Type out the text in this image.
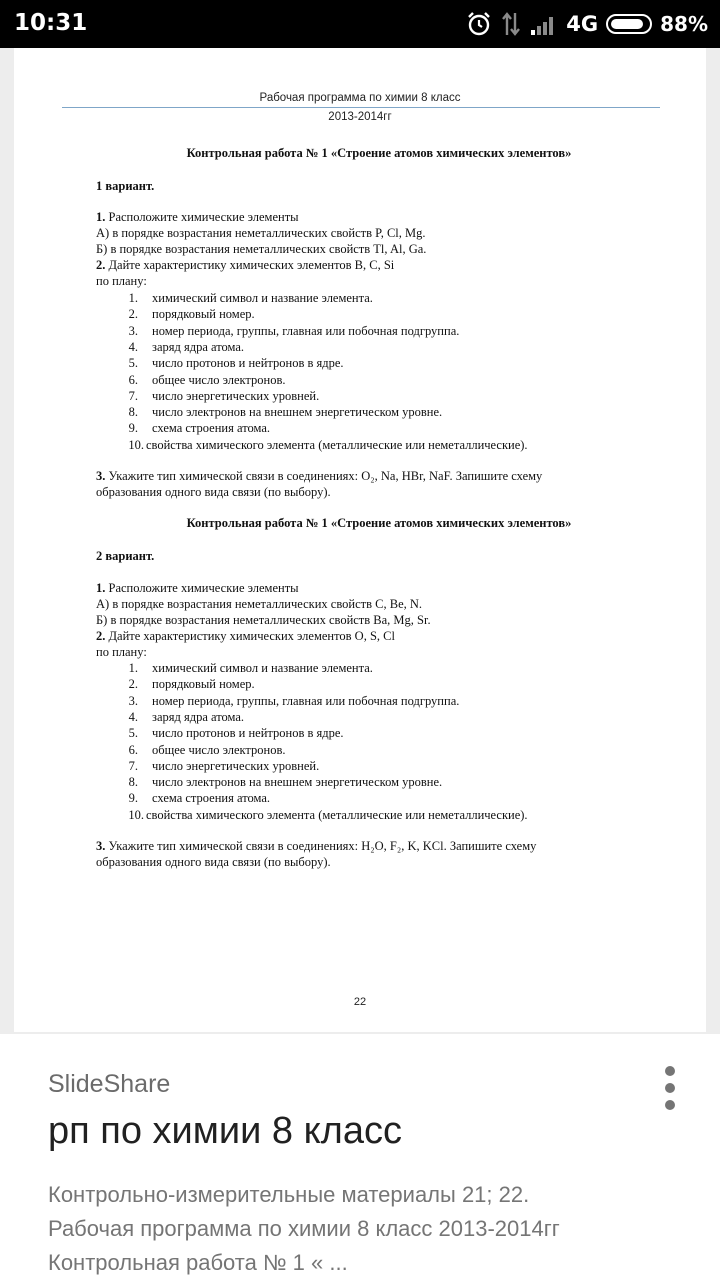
10:31	4G	88%
Рабочая программа по химии 8 класс
2013-2014гг
Контрольная работа № 1 «Строение атомов химических элементов»
1 вариант.
1. Расположите химические элементы
А) в порядке возрастания неметаллических свойств P, Cl, Mg.
Б) в порядке возрастания неметаллических свойств Tl, Al, Ga.
2. Дайте характеристику химических элементов B, C, Si
по плану:
1. химический символ и название элемента.
2. порядковый номер.
3. номер периода, группы, главная или побочная подгруппа.
4. заряд ядра атома.
5. число протонов и нейтронов в ядре.
6. общее число электронов.
7. число энергетических уровней.
8. число электронов на внешнем энергетическом уровне.
9. схема строения атома.
10. свойства химического элемента (металлические или неметаллические).
3. Укажите тип химической связи в соединениях: O₂, Na, HBr, NaF. Запишите схему
образования одного вида связи (по выбору).
Контрольная работа № 1 «Строение атомов химических элементов»
2 вариант.
1. Расположите химические элементы
А) в порядке возрастания неметаллических свойств C, Be, N.
Б) в порядке возрастания неметаллических свойств Ba, Mg, Sr.
2. Дайте характеристику химических элементов O, S, Cl
по плану:
1. химический символ и название элемента.
2. порядковый номер.
3. номер периода, группы, главная или побочная подгруппа.
4. заряд ядра атома.
5. число протонов и нейтронов в ядре.
6. общее число электронов.
7. число энергетических уровней.
8. число электронов на внешнем энергетическом уровне.
9. схема строения атома.
10. свойства химического элемента (металлические или неметаллические).
3. Укажите тип химической связи в соединениях: H₂O, F₂, K, KCl. Запишите схему
образования одного вида связи (по выбору).
22
SlideShare
рп по химии 8 класс
Контрольно-измерительные материалы 21; 22.
Рабочая программа по химии 8 класс 2013-2014гг
Контрольная работа № 1 « ...
